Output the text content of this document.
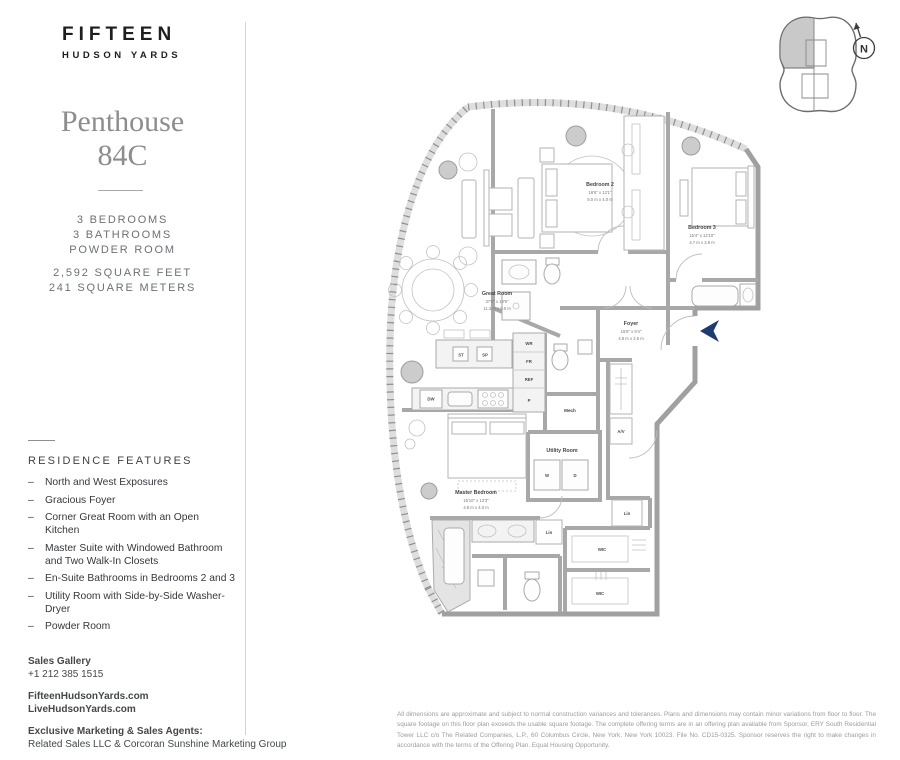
FIFTEEN
HUDSON YARDS
Penthouse
84C
3 BEDROOMS
3 BATHROOMS
POWDER ROOM
2,592 SQUARE FEET
241 SQUARE METERS
RESIDENCE FEATURES
–	North and West Exposures
–	Gracious Foyer
–	Corner Great Room with an Open Kitchen
–	Master Suite with Windowed Bathroom and Two Walk-In Closets
–	En-Suite Bathrooms in Bedrooms 2 and 3
–	Utility Room with Side-by-Side Washer-Dryer
–	Powder Room
Sales Gallery
+1 212 385 1515
FifteenHudsonYards.com
LiveHudsonYards.com
Exclusive Marketing & Sales Agents:
Related Sales LLC & Corcoran Sunshine Marketing Group
All dimensions are approximate and subject to normal construction variances and tolerances. Plans and dimensions may contain minor variations from floor to floor. The square footage on this floor plan exceeds the usable square footage. The complete offering terms are in an offering plan available from Sponsor, ERY South Residential Tower LLC c/o The Related Companies, L.P., 60 Columbus Circle, New York, New York 10023. File No. CD15-0325. Sponsor reserves the right to make changes in accordance with the terms of the Offering Plan. Equal Housing Opportunity.
ST	SP
DW
WR
FR
REF
P
Bedroom 2
16'6" x 13'1"
5.0 m x 4.0 m
Bedroom 3
15'4" x 12'10"
4.7 m x 3.9 m
Mech
Utility Room
W	D
A/V
Lin
Master Bedroom
15'10" x 13'3"
4.8 m x 4.0 m
Lin
WIC
WIC
Great Room
37'0" x 19'9"
11.3 m x 6.0 m
Foyer
15'8" x 8'4"
4.8 m x 2.5 m
N
